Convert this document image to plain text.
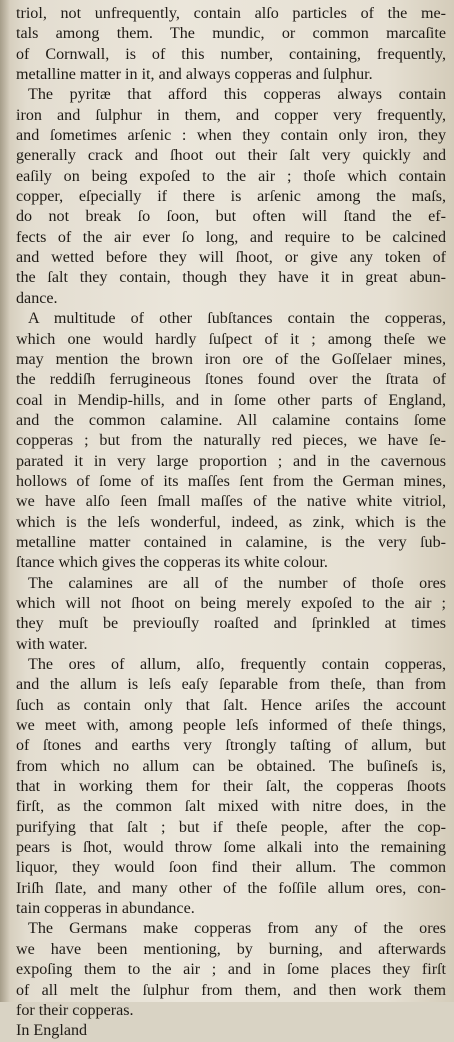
triol, not unfrequently, contain alſo particles of the me-
tals among them. The mundic, or common marcaſite
of Cornwall, is of this number, containing, frequently,
metalline matter in it, and always copperas and ſulphur.
The pyritæ that afford this copperas always contain
iron and ſulphur in them, and copper very frequently,
and ſometimes arſenic : when they contain only iron, they
generally crack and ſhoot out their ſalt very quickly and
eaſily on being expoſed to the air ; thoſe which contain
copper, eſpecially if there is arſenic among the maſs,
do not break ſo ſoon, but often will ſtand the ef-
fects of the air ever ſo long, and require to be calcined
and wetted before they will ſhoot, or give any token of
the ſalt they contain, though they have it in great abun-
dance.
A multitude of other ſubſtances contain the copperas,
which one would hardly ſuſpect of it ; among theſe we
may mention the brown iron ore of the Goſſelaer mines,
the reddiſh ferrugineous ſtones found over the ſtrata of
coal in Mendip-hills, and in ſome other parts of England,
and the common calamine. All calamine contains ſome
copperas ; but from the naturally red pieces, we have ſe-
parated it in very large proportion ; and in the cavernous
hollows of ſome of its maſſes ſent from the German mines,
we have alſo ſeen ſmall maſſes of the native white vitriol,
which is the leſs wonderful, indeed, as zink, which is the
metalline matter contained in calamine, is the very ſub-
ſtance which gives the copperas its white colour.
The calamines are all of the number of thoſe ores
which will not ſhoot on being merely expoſed to the air ;
they muſt be previouſly roaſted and ſprinkled at times
with water.
The ores of allum, alſo, frequently contain copperas,
and the allum is leſs eaſy ſeparable from theſe, than from
ſuch as contain only that ſalt. Hence ariſes the account
we meet with, among people leſs informed of theſe things,
of ſtones and earths very ſtrongly taſting of allum, but
from which no allum can be obtained. The buſineſs is,
that in working them for their ſalt, the copperas ſhoots
firſt, as the common ſalt mixed with nitre does, in the
purifying that ſalt ; but if theſe people, after the cop-
pears is ſhot, would throw ſome alkali into the remaining
liquor, they would ſoon find their allum. The common
Iriſh ſlate, and many other of the foſſile allum ores, con-
tain copperas in abundance.
The Germans make copperas from any of the ores
we have been mentioning, by burning, and afterwards
expoſing them to the air ; and in ſome places they firſt
of all melt the ſulphur from them, and then work them
for their copperas.
In England
